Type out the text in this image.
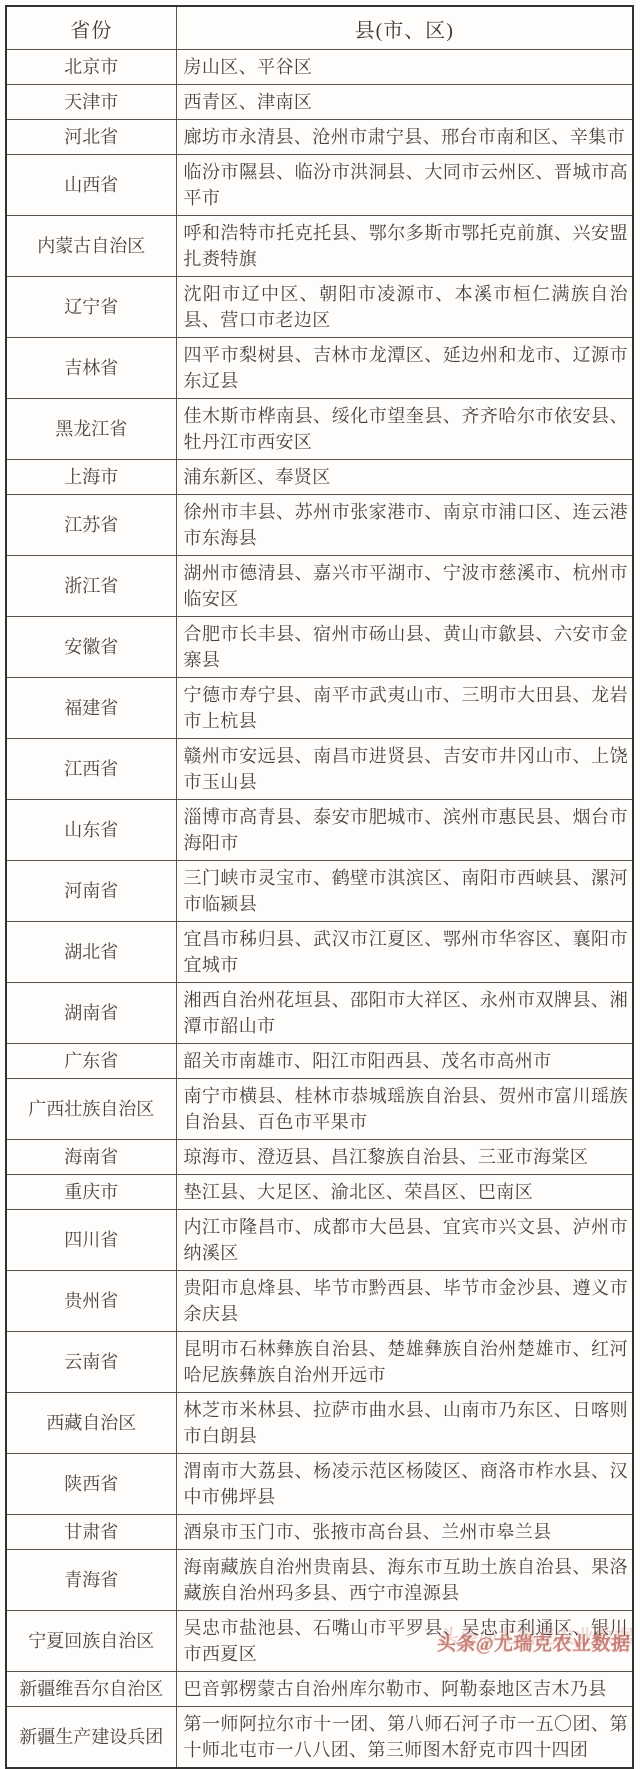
省份	县(市、区)
北京市	房山区、平谷区
天津市	西青区、津南区
河北省	廊坊市永清县、沧州市肃宁县、邢台市南和区、辛集市
山西省	临汾市隰县、临汾市洪洞县、大同市云州区、晋城市高平市
内蒙古自治区	呼和浩特市托克托县、鄂尔多斯市鄂托克前旗、兴安盟扎赉特旗
辽宁省	沈阳市辽中区、朝阳市凌源市、本溪市桓仁满族自治县、营口市老边区
吉林省	四平市梨树县、吉林市龙潭区、延边州和龙市、辽源市东辽县
黑龙江省	佳木斯市桦南县、绥化市望奎县、齐齐哈尔市依安县、牡丹江市西安区
上海市	浦东新区、奉贤区
江苏省	徐州市丰县、苏州市张家港市、南京市浦口区、连云港市东海县
浙江省	湖州市德清县、嘉兴市平湖市、宁波市慈溪市、杭州市临安区
安徽省	合肥市长丰县、宿州市砀山县、黄山市歙县、六安市金寨县
福建省	宁德市寿宁县、南平市武夷山市、三明市大田县、龙岩市上杭县
江西省	赣州市安远县、南昌市进贤县、吉安市井冈山市、上饶市玉山县
山东省	淄博市高青县、泰安市肥城市、滨州市惠民县、烟台市海阳市
河南省	三门峡市灵宝市、鹤壁市淇滨区、南阳市西峡县、漯河市临颍县
湖北省	宜昌市秭归县、武汉市江夏区、鄂州市华容区、襄阳市宜城市
湖南省	湘西自治州花垣县、邵阳市大祥区、永州市双牌县、湘潭市韶山市
广东省	韶关市南雄市、阳江市阳西县、茂名市高州市
广西壮族自治区	南宁市横县、桂林市恭城瑶族自治县、贺州市富川瑶族自治县、百色市平果市
海南省	琼海市、澄迈县、昌江黎族自治县、三亚市海棠区
重庆市	垫江县、大足区、渝北区、荣昌区、巴南区
四川省	内江市隆昌市、成都市大邑县、宜宾市兴文县、泸州市纳溪区
贵州省	贵阳市息烽县、毕节市黔西县、毕节市金沙县、遵义市余庆县
云南省	昆明市石林彝族自治县、楚雄彝族自治州楚雄市、红河哈尼族彝族自治州开远市
西藏自治区	林芝市米林县、拉萨市曲水县、山南市乃东区、日喀则市白朗县
陕西省	渭南市大荔县、杨凌示范区杨陵区、商洛市柞水县、汉中市佛坪县
甘肃省	酒泉市玉门市、张掖市高台县、兰州市皋兰县
青海省	海南藏族自治州贵南县、海东市互助土族自治县、果洛藏族自治州玛多县、西宁市湟源县
宁夏回族自治区	吴忠市盐池县、石嘴山市平罗县、吴忠市利通区、银川市西夏区
新疆维吾尔自治区	巴音郭楞蒙古自治州库尔勒市、阿勒泰地区吉木乃县
新疆生产建设兵团	第一师阿拉尔市十一团、第八师石河子市一五〇团、第十师北屯市一八八团、第三师图木舒克市四十四团
头条@尤瑞克农业数据
